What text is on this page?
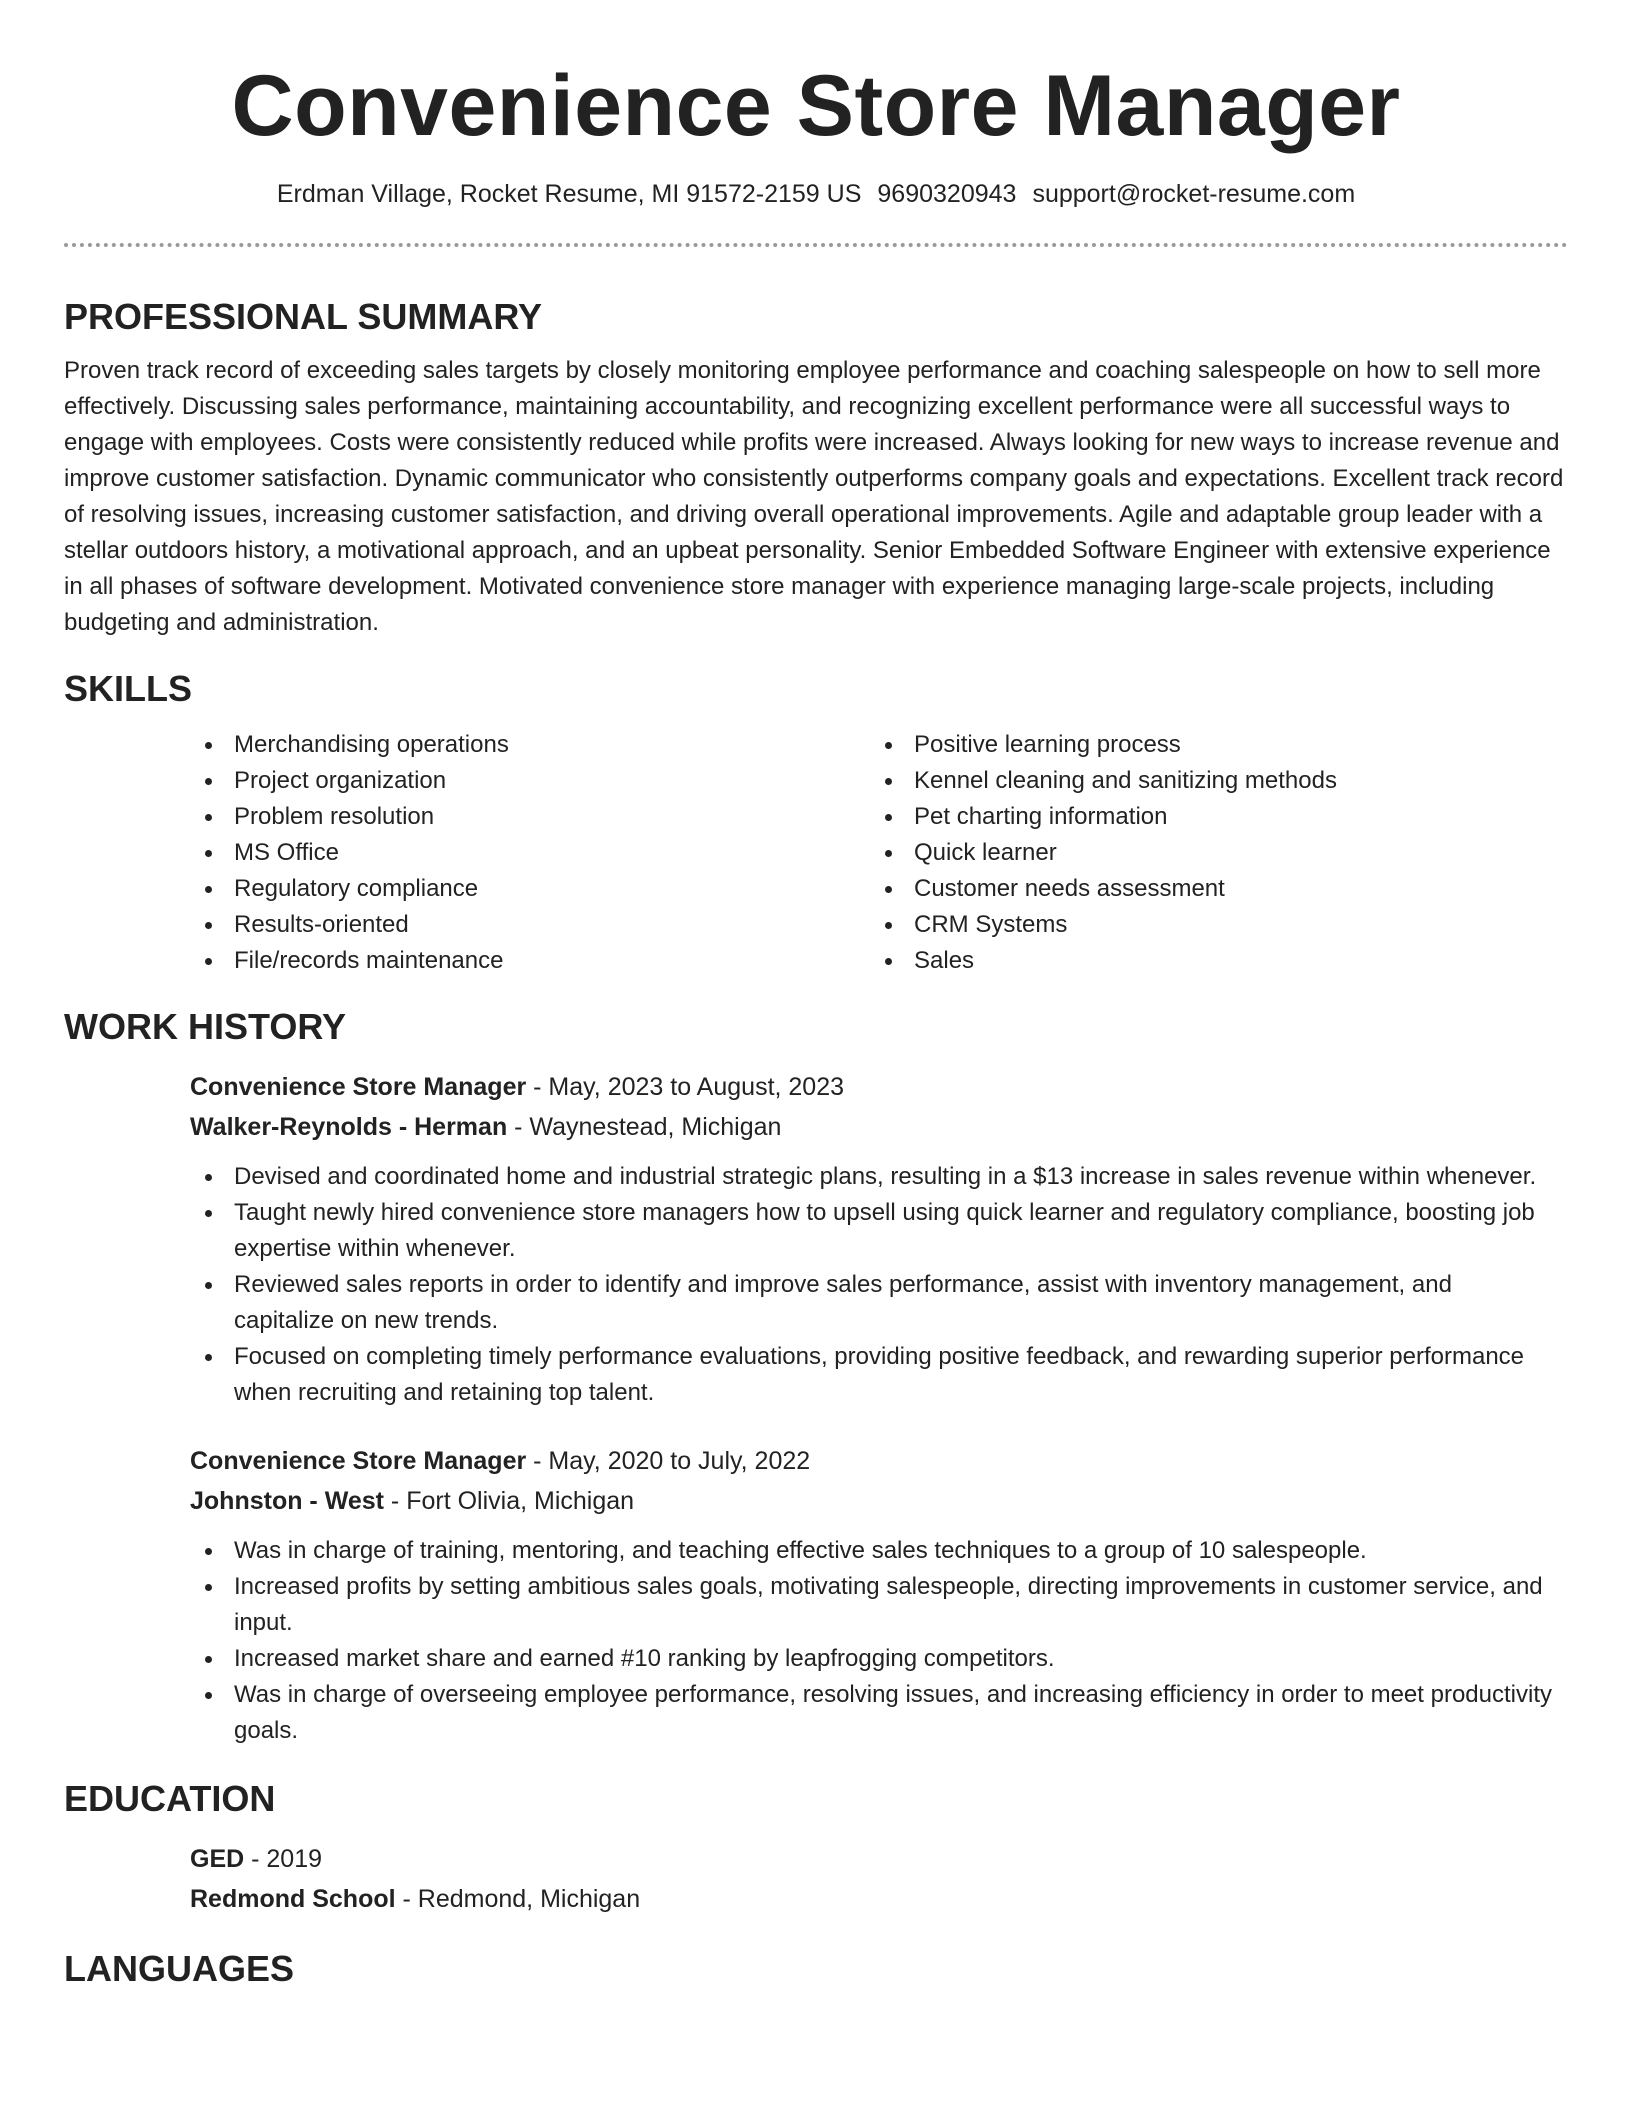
Convenience Store Manager
Erdman Village, Rocket Resume, MI 91572-2159 US 9690320943 support@rocket-resume.com
PROFESSIONAL SUMMARY

Proven track record of exceeding sales targets by closely monitoring employee performance and coaching salespeople on how to sell more effectively. Discussing sales performance, maintaining accountability, and recognizing excellent performance were all successful ways to engage with employees. Costs were consistently reduced while profits were increased. Always looking for new ways to increase revenue and improve customer satisfaction. Dynamic communicator who consistently outperforms company goals and expectations. Excellent track record of resolving issues, increasing customer satisfaction, and driving overall operational improvements. Agile and adaptable group leader with a stellar outdoors history, a motivational approach, and an upbeat personality. Senior Embedded Software Engineer with extensive experience in all phases of software development. Motivated convenience store manager with experience managing large-scale projects, including budgeting and administration.

SKILLS
Merchandising operations
Project organization
Problem resolution
MS Office
Regulatory compliance
Results-oriented
File/records maintenance
Positive learning process
Kennel cleaning and sanitizing methods
Pet charting information
Quick learner
Customer needs assessment
CRM Systems
Sales
WORK HISTORY
Convenience Store Manager - May, 2023 to August, 2023
Walker-Reynolds - Herman - Waynestead, Michigan
Devised and coordinated home and industrial strategic plans, resulting in a $13 increase in sales revenue within whenever.
Taught newly hired convenience store managers how to upsell using quick learner and regulatory compliance, boosting job expertise within whenever.
Reviewed sales reports in order to identify and improve sales performance, assist with inventory management, and capitalize on new trends.
Focused on completing timely performance evaluations, providing positive feedback, and rewarding superior performance when recruiting and retaining top talent.
Convenience Store Manager - May, 2020 to July, 2022
Johnston - West - Fort Olivia, Michigan
Was in charge of training, mentoring, and teaching effective sales techniques to a group of 10 salespeople.
Increased profits by setting ambitious sales goals, motivating salespeople, directing improvements in customer service, and input.
Increased market share and earned #10 ranking by leapfrogging competitors.
Was in charge of overseeing employee performance, resolving issues, and increasing efficiency in order to meet productivity goals.
EDUCATION
GED - 2019
Redmond School - Redmond, Michigan
LANGUAGES
